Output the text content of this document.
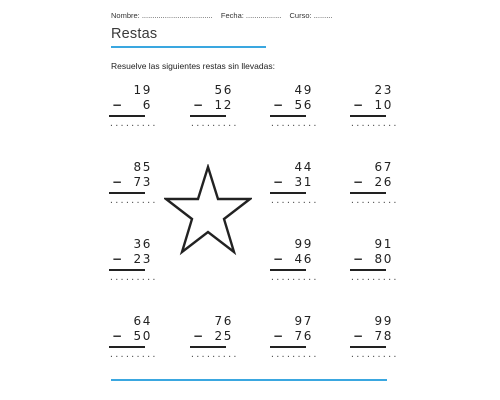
Nombre: .................................. Fecha: ................. Curso: .........
Restas
Resuelve las siguientes restas sin llevadas:
19
− 6
.........
56
− 12
.........
49
− 56
.........
23
− 10
.........
85
− 73
.........
44
− 31
.........
67
− 26
.........
36
− 23
.........
99
− 46
.........
91
− 80
.........
64
− 50
.........
76
− 25
.........
97
− 76
.........
99
− 78
.........
